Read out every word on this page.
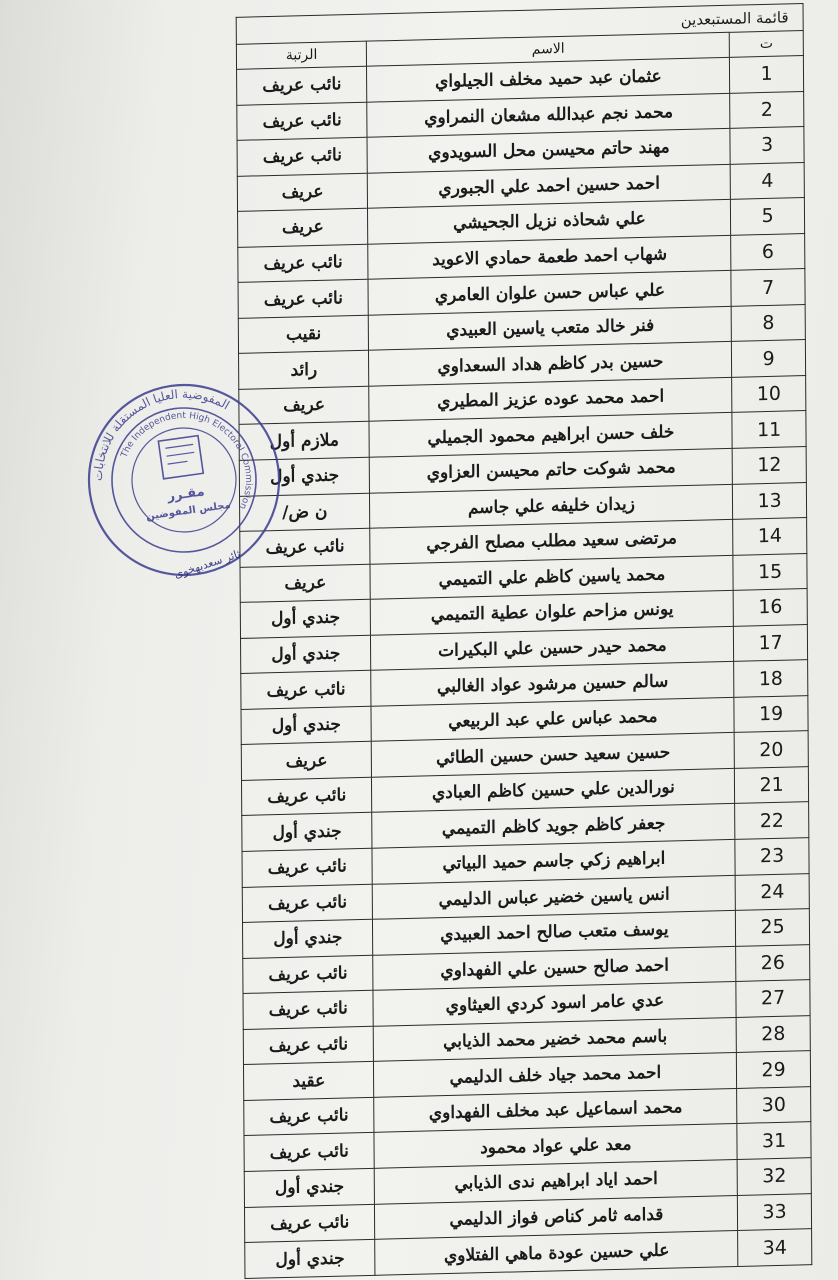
قائمة المستبعدين		
ت	الاسم	الرتبة
1	عثمان عبد حميد مخلف الجيلواي	نائب عريف
2	محمد نجم عبدالله مشعان النمراوي	نائب عريف
3	مهند حاتم محيسن محل السويدوي	نائب عريف
4	احمد حسين احمد علي الجبوري	عريف
5	علي شحاذه نزيل الجحيشي	عريف
6	شهاب احمد طعمة حمادي الاعويد	نائب عريف
7	علي عباس حسن علوان العامري	نائب عريف
8	فنر خالد متعب ياسين العبيدي	نقيب
9	حسين بدر كاظم هداد السعداوي	رائد
10	احمد محمد عوده عزيز المطيري	عريف
11	خلف حسن ابراهيم محمود الجميلي	ملازم أول
12	محمد شوكت حاتم محيسن العزاوي	جندي أول
13	زيدان خليفه علي جاسم	ن ض/
14	مرتضى سعيد مطلب مصلح الفرجي	نائب عريف
15	محمد ياسين كاظم علي التميمي	عريف
16	يونس مزاحم علوان عطية التميمي	جندي أول
17	محمد حيدر حسين علي البكيرات	جندي أول
18	سالم حسين مرشود عواد الغالبي	نائب عريف
19	محمد عباس علي عبد الربيعي	جندي أول
20	حسين سعيد حسن حسين الطائي	عريف
21	نورالدين علي حسين كاظم العبادي	نائب عريف
22	جعفر كاظم جويد كاظم التميمي	جندي أول
23	ابراهيم زكي جاسم حميد البياتي	نائب عريف
24	انس ياسين خضير عباس الدليمي	نائب عريف
25	يوسف متعب صالح احمد العبيدي	جندي أول
26	احمد صالح حسين علي الفهداوي	نائب عريف
27	عدي عامر اسود كردي العيثاوي	نائب عريف
28	باسم محمد خضير محمد الذيابي	نائب عريف
29	احمد محمد جياد خلف الدليمي	عقيد
30	محمد اسماعيل عبد مخلف الفهداوي	نائب عريف
31	معد علي عواد محمود	نائب عريف
32	احمد اياد ابراهيم ندى الذيابي	جندي أول
33	قدامه ثامر كناص فواز الدليمي	نائب عريف
34	علي حسين عودة ماهي الفتلاوي	جندي أول
المفوضية العليا المستقلة للانتخابات
The Independent High Electoral Commission
مقـرر
مجلس المفوضين
ثائر سعدبهخوى
